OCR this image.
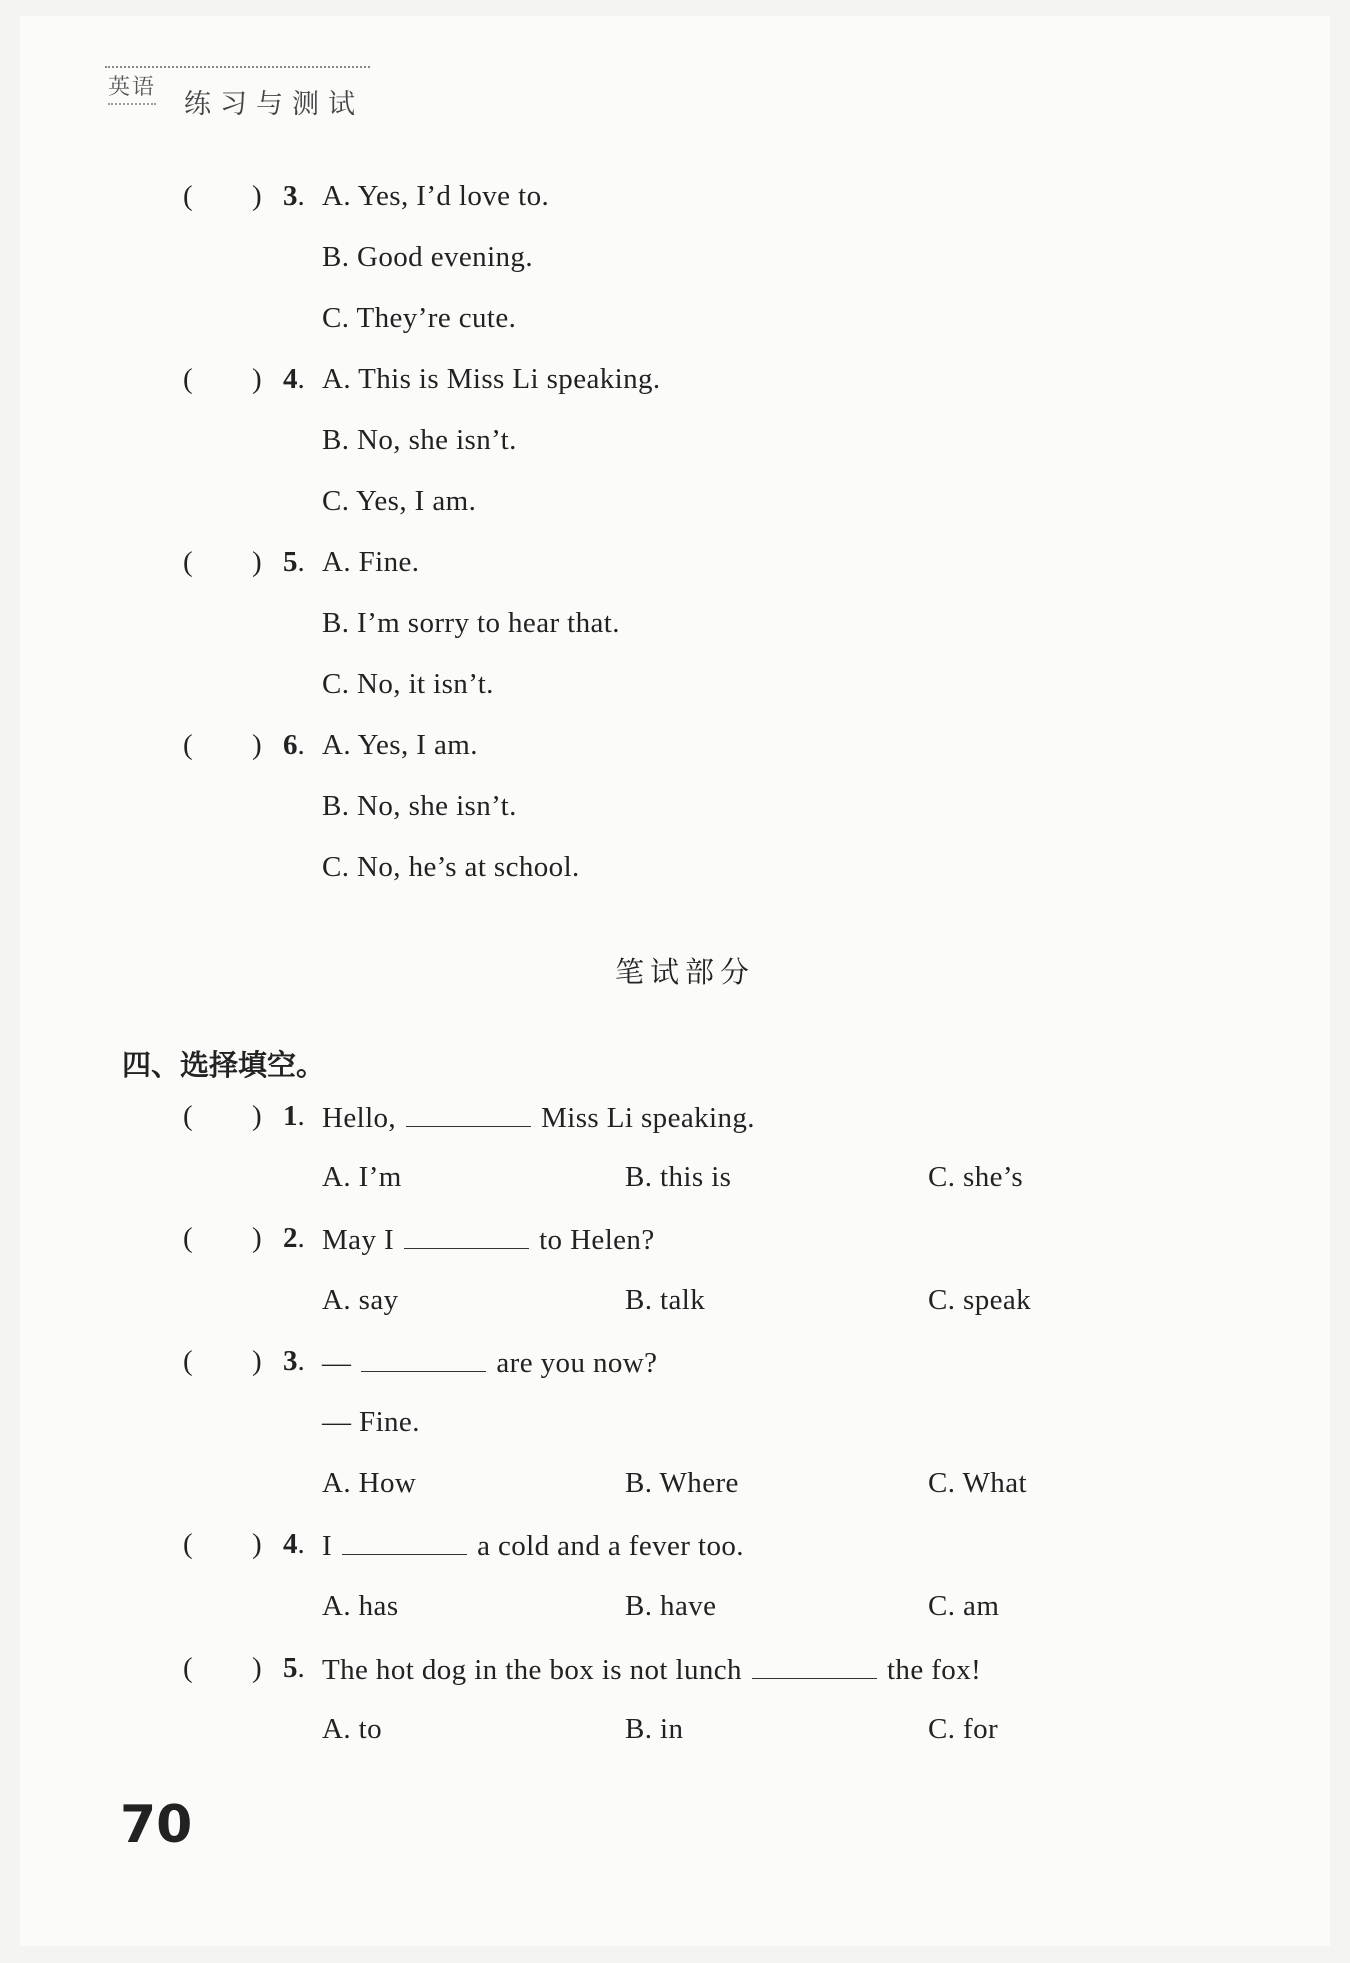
英语
练习与测试
( ) 3. A. Yes, I’d love to.
B. Good evening.
C. They’re cute.
( ) 4. A. This is Miss Li speaking.
B. No, she isn’t.
C. Yes, I am.
( ) 5. A. Fine.
B. I’m sorry to hear that.
C. No, it isn’t.
( ) 6. A. Yes, I am.
B. No, she isn’t.
C. No, he’s at school.
笔试部分
四、选择填空。
( ) 1. Hello,	Miss Li speaking.
A. I’m	B. this is	C. she’s
( ) 2. May I	to Helen?
A. say	B. talk	C. speak
( ) 3. —	are you now?
— Fine.
A. How	B. Where	C. What
( ) 4. I	a cold and a fever too.
A. has	B. have	C. am
( ) 5. The hot dog in the box is not lunch	the fox!
A. to	B. in	C. for
70
